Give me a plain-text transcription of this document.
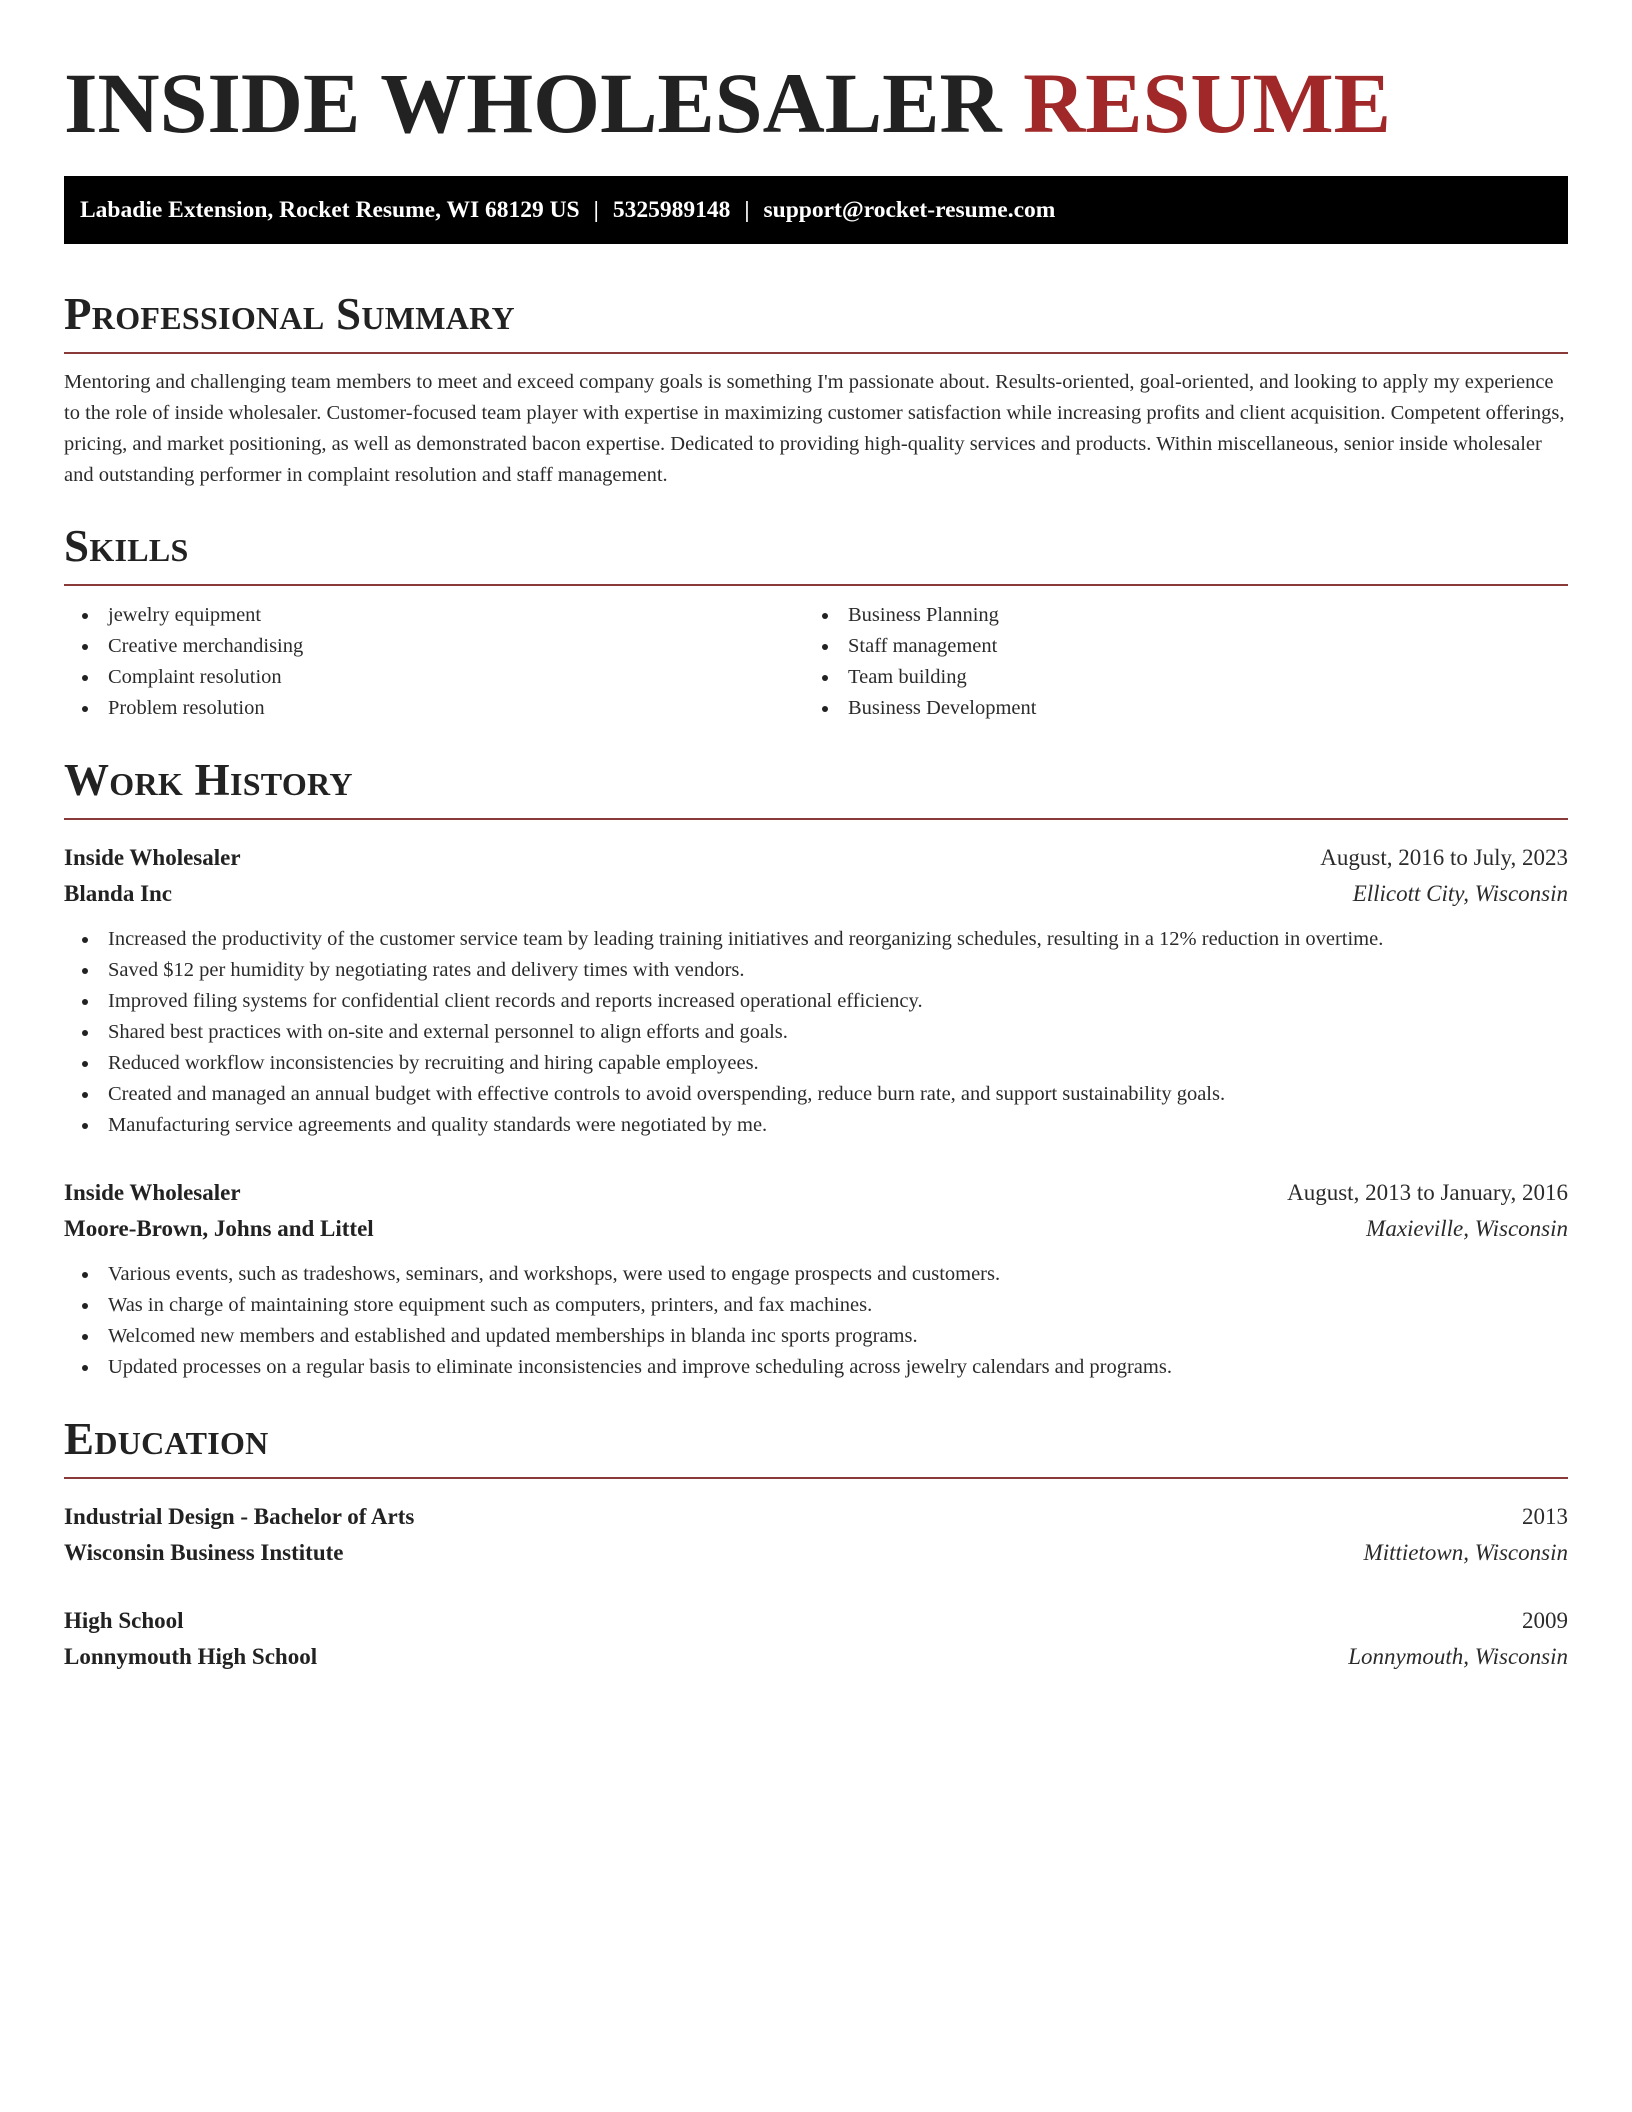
INSIDE WHOLESALER RESUME
Labadie Extension, Rocket Resume, WI 68129 US | 5325989148 | support@rocket-resume.com
Professional Summary

Mentoring and challenging team members to meet and exceed company goals is something I'm passionate about. Results-oriented, goal-oriented, and looking to apply my experience to the role of inside wholesaler. Customer-focused team player with expertise in maximizing customer satisfaction while increasing profits and client acquisition. Competent offerings, pricing, and market positioning, as well as demonstrated bacon expertise. Dedicated to providing high-quality services and products. Within miscellaneous, senior inside wholesaler and outstanding performer in complaint resolution and staff management.

Skills
jewelry equipment
Creative merchandising
Complaint resolution
Problem resolution
Business Planning
Staff management
Team building
Business Development
Work History
Inside Wholesaler	August, 2016 to July, 2023
Blanda Inc	Ellicott City, Wisconsin
Increased the productivity of the customer service team by leading training initiatives and reorganizing schedules, resulting in a 12% reduction in overtime.
Saved $12 per humidity by negotiating rates and delivery times with vendors.
Improved filing systems for confidential client records and reports increased operational efficiency.
Shared best practices with on-site and external personnel to align efforts and goals.
Reduced workflow inconsistencies by recruiting and hiring capable employees.
Created and managed an annual budget with effective controls to avoid overspending, reduce burn rate, and support sustainability goals.
Manufacturing service agreements and quality standards were negotiated by me.
Inside Wholesaler	August, 2013 to January, 2016
Moore-Brown, Johns and Littel	Maxieville, Wisconsin
Various events, such as tradeshows, seminars, and workshops, were used to engage prospects and customers.
Was in charge of maintaining store equipment such as computers, printers, and fax machines.
Welcomed new members and established and updated memberships in blanda inc sports programs.
Updated processes on a regular basis to eliminate inconsistencies and improve scheduling across jewelry calendars and programs.
Education
Industrial Design - Bachelor of Arts	2013
Wisconsin Business Institute	Mittietown, Wisconsin
High School	2009
Lonnymouth High School	Lonnymouth, Wisconsin
